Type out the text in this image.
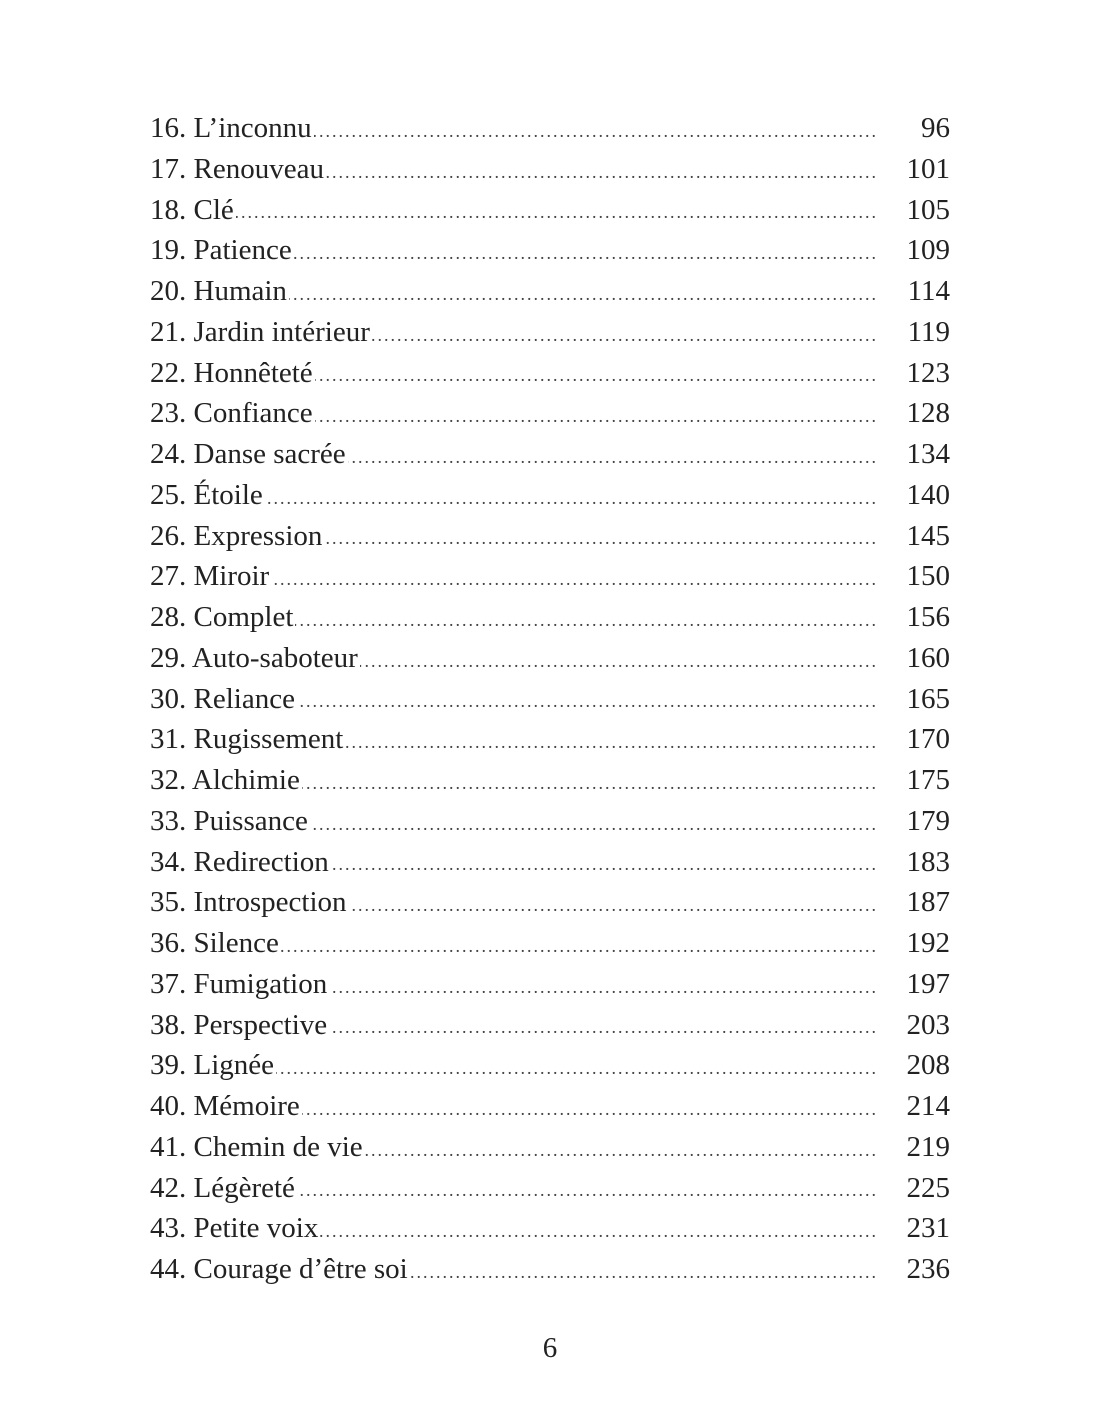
16. L’inconnu .....	96
17. Renouveau .....	101
18. Clé .....	105
19. Patience .....	109
20. Humain .....	114
21. Jardin intérieur .....	119
22. Honnêteté .....	123
23. Confiance .....	128
24. Danse sacrée .....	134
25. Étoile .....	140
26. Expression .....	145
27. Miroir .....	150
28. Complet .....	156
29. Auto-saboteur .....	160
30. Reliance .....	165
31. Rugissement .....	170
32. Alchimie .....	175
33. Puissance .....	179
34. Redirection .....	183
35. Introspection .....	187
36. Silence .....	192
37. Fumigation .....	197
38. Perspective .....	203
39. Lignée .....	208
40. Mémoire .....	214
41. Chemin de vie .....	219
42. Légèreté .....	225
43. Petite voix .....	231
44. Courage d’être soi .....	236
6
